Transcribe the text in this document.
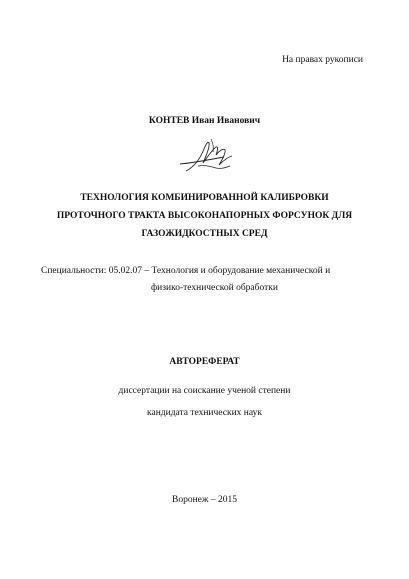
На правах рукописи
КОНТЕВ Иван Иванович
ТЕХНОЛОГИЯ КОМБИНИРОВАННОЙ КАЛИБРОВКИ
ПРОТОЧНОГО ТРАКТА ВЫСОКОНАПОРНЫХ ФОРСУНОК ДЛЯ
ГАЗОЖИДКОСТНЫХ СРЕД
Специальности: 05.02.07 – Технология и оборудование механической и
физико-технической обработки
АВТОРЕФЕРАТ
диссертации на соискание ученой степени
кандидата технических наук
Воронеж – 2015
